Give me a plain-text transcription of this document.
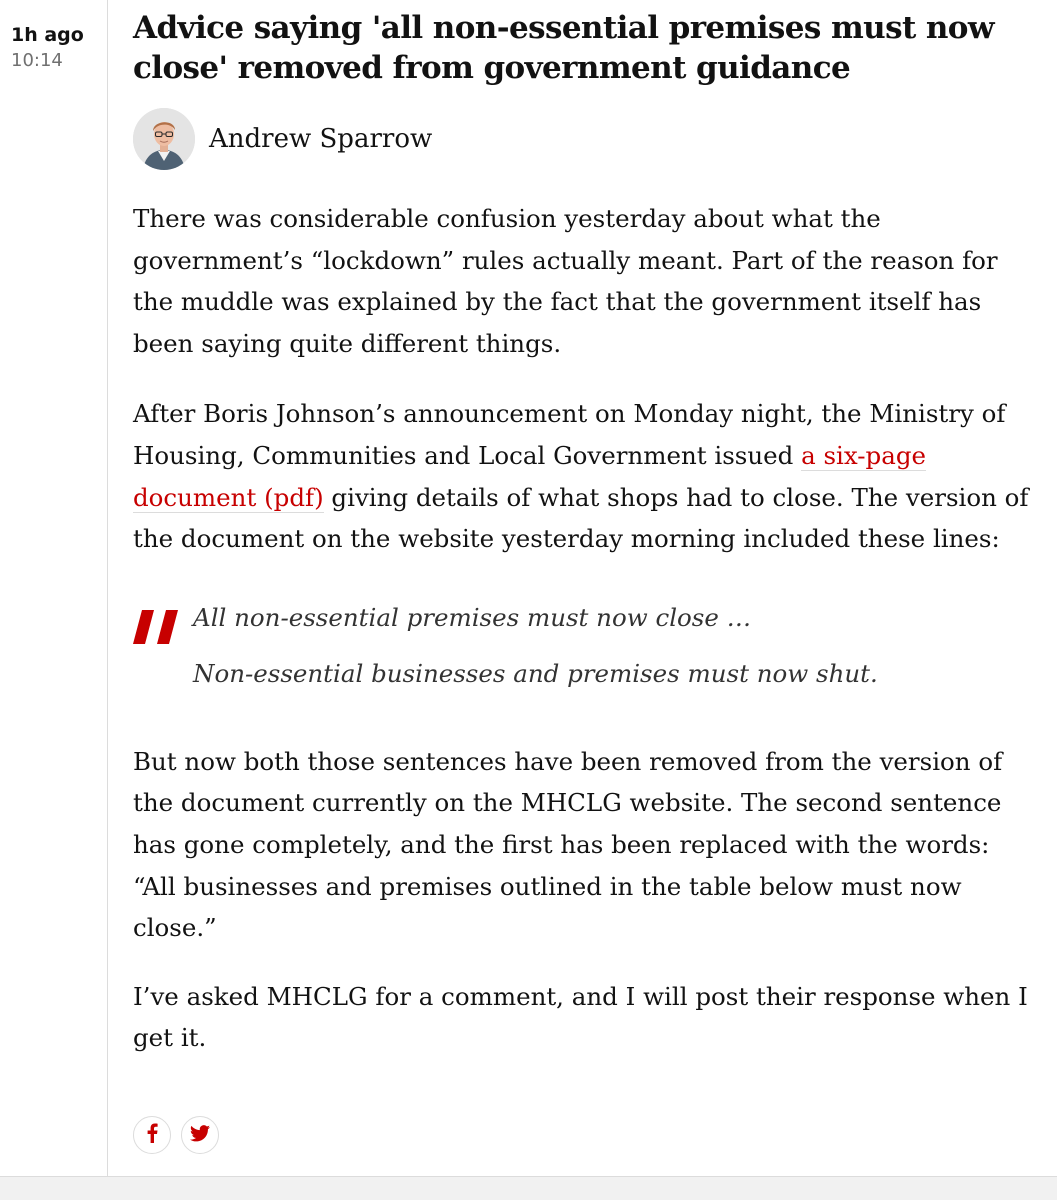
1h ago
10:14
Advice saying 'all non-essential premises must now close' removed from government guidance
Andrew Sparrow

There was considerable confusion yesterday about what the government’s “lockdown” rules actually meant. Part of the reason for the muddle was explained by the fact that the government itself has been saying quite different things.

After Boris Johnson’s announcement on Monday night, the Ministry of Housing, Communities and Local Government issued a six-page document (pdf) giving details of what shops had to close. The version of the document on the website yesterday morning included these lines:

All non-essential premises must now close …

Non-essential businesses and premises must now shut.

But now both those sentences have been removed from the version of the document currently on the MHCLG website. The second sentence has gone completely, and the first has been replaced with the words: “All businesses and premises outlined in the table below must now close.”

I’ve asked MHCLG for a comment, and I will post their response when I get it.
